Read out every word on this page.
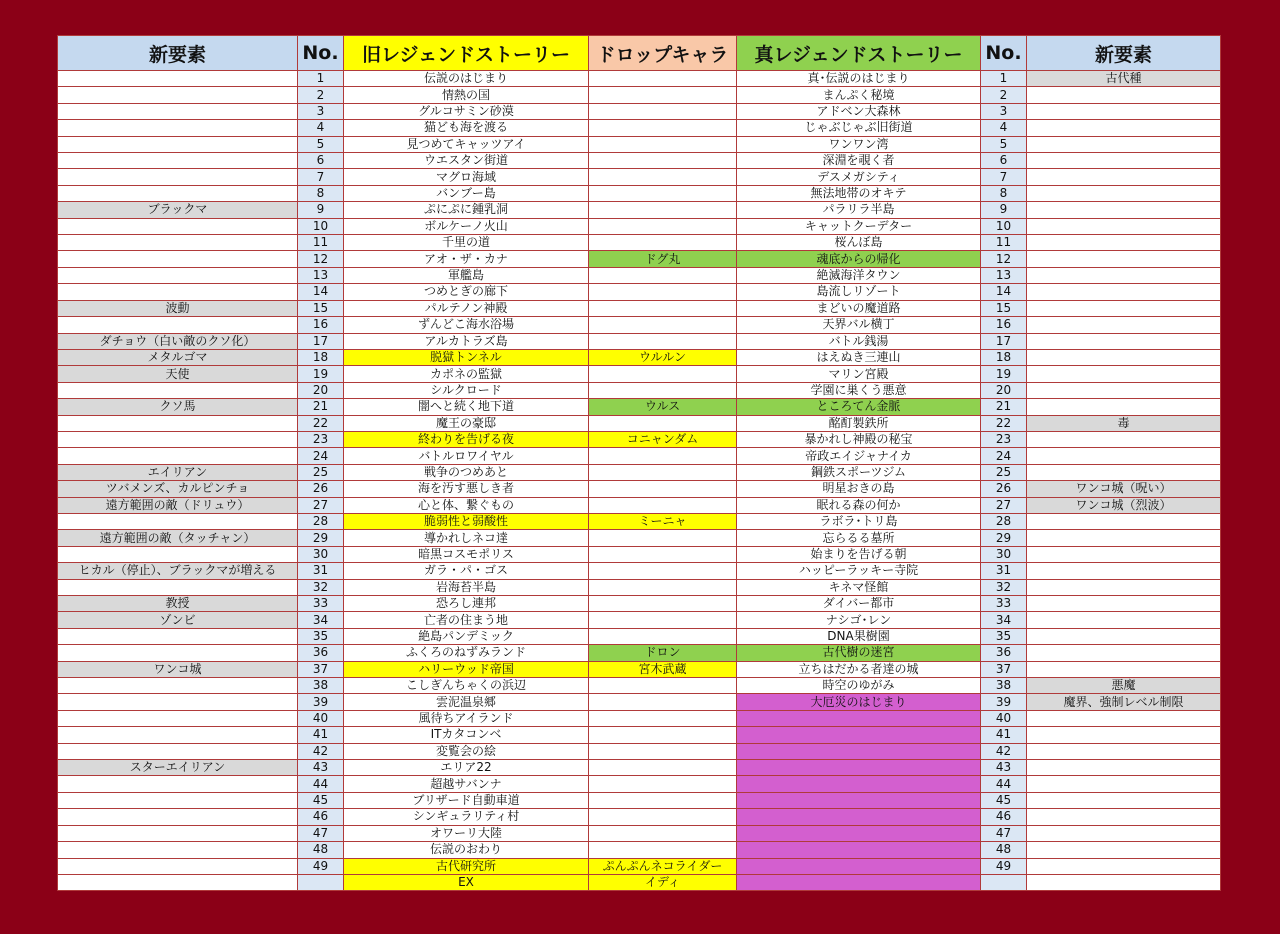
新要素	No.	旧レジェンドストーリー	ドロップキャラ	真レジェンドストーリー	No.	新要素
	1	伝説のはじまり		真･伝説のはじまり	1	古代種
	2	情熱の国		まんぷく秘境	2	
	3	グルコサミン砂漠		アドベン大森林	3	
	4	猫ども海を渡る		じゃぶじゃぶ旧街道	4	
	5	見つめてキャッツアイ		ワンワン湾	5	
	6	ウエスタン街道		深淵を覗く者	6	
	7	マグロ海域		デスメガシティ	7	
	8	バンブー島		無法地帯のオキテ	8	
ブラックマ	9	ぷにぷに鍾乳洞		パラリラ半島	9	
	10	ボルケーノ火山		キャットクーデター	10	
	11	千里の道		桜んぼ島	11	
	12	アオ・ザ・カナ	ドグ丸	魂底からの帰化	12	
	13	軍艦島		絶滅海洋タウン	13	
	14	つめとぎの廊下		島流しリゾート	14	
波動	15	パルテノン神殿		まどいの魔道路	15	
	16	ずんどこ海水浴場		天界バル横丁	16	
ダチョウ（白い敵のクソ化）	17	アルカトラズ島		バトル銭湯	17	
メタルゴマ	18	脱獄トンネル	ウルルン	はえぬき三連山	18	
天使	19	カポネの監獄		マリン宮殿	19	
	20	シルクロード		学園に巣くう悪意	20	
クソ馬	21	闇へと続く地下道	ウルス	ところてん金脈	21	
	22	魔王の豪邸		酩酊製鉄所	22	毒
	23	終わりを告げる夜	コニャンダム	暴かれし神殿の秘宝	23	
	24	バトルロワイヤル		帝政エイジャナイカ	24	
エイリアン	25	戦争のつめあと		鋼鉄スポーツジム	25	
ツバメンズ、カルピンチョ	26	海を汚す悪しき者		明星おきの島	26	ワンコ城（呪い）
遠方範囲の敵（ドリュウ）	27	心と体、繋ぐもの		眠れる森の何か	27	ワンコ城（烈波）
	28	脆弱性と弱酸性	ミーニャ	ラボラ･トリ島	28	
遠方範囲の敵（タッチャン）	29	導かれしネコ達		忘らるる墓所	29	
	30	暗黒コスモポリス		始まりを告げる朝	30	
ヒカル（停止）、ブラックマが増える	31	ガラ・パ・ゴス		ハッピーラッキー寺院	31	
	32	岩海苔半島		キネマ怪館	32	
教授	33	恐ろし連邦		ダイバー都市	33	
ゾンビ	34	亡者の住まう地		ナシゴ･レン	34	
	35	絶島パンデミック		DNA果樹園	35	
	36	ふくろのねずみランド	ドロン	古代樹の迷宮	36	
ワンコ城	37	ハリーウッド帝国	宮木武蔵	立ちはだかる者達の城	37	
	38	こしぎんちゃくの浜辺		時空のゆがみ	38	悪魔
	39	雲泥温泉郷		大厄災のはじまり	39	魔界、強制レベル制限
	40	風待ちアイランド			40	
	41	ITカタコンベ			41	
	42	変覧会の絵			42	
スターエイリアン	43	エリア22			43	
	44	超越サバンナ			44	
	45	ブリザード自動車道			45	
	46	シンギュラリティ村			46	
	47	オワーリ大陸			47	
	48	伝説のおわり			48	
	49	古代研究所	ぷんぷんネコライダー		49	
		EX	イディ			
